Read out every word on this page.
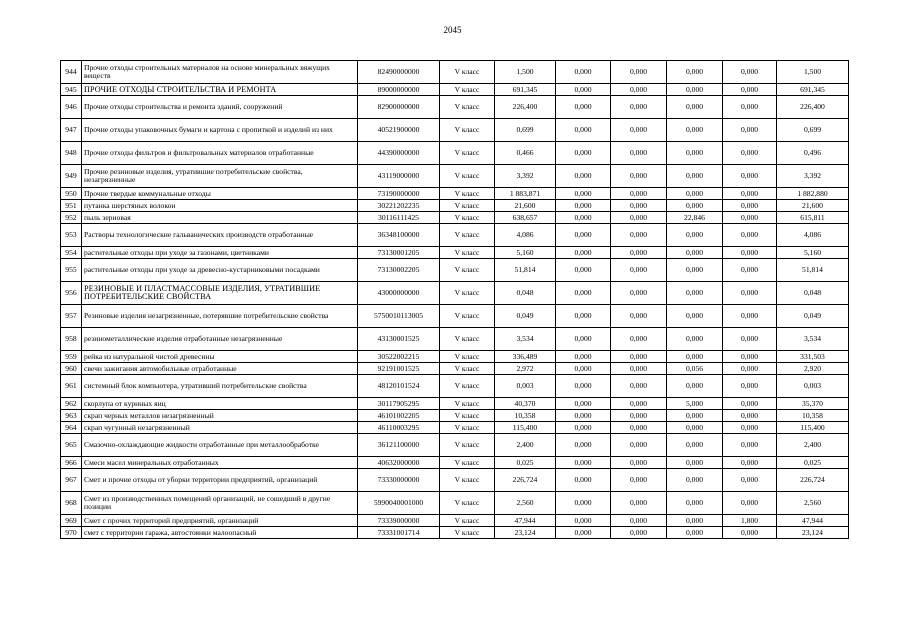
2045
944	Прочие отходы строительных материалов на основе минеральных вяжущих веществ	82490000000	V класс	1,500	0,000	0,000	0,000	0,000	1,500
945	ПРОЧИЕ ОТХОДЫ СТРОИТЕЛЬСТВА И РЕМОНТА	89000000000	V класс	691,345	0,000	0,000	0,000	0,000	691,345
946	Прочие отходы строительства и ремонта зданий, сооружений	82900000000	V класс	226,400	0,000	0,000	0,000	0,000	226,400
947	Прочие отходы упаковочных бумаги и картона с пропиткой и изделий из них	40521900000	V класс	0,699	0,000	0,000	0,000	0,000	0,699
948	Прочие отходы фильтров и фильтровальных материалов отработанные	44390000000	V класс	0,466	0,000	0,000	0,000	0,000	0,496
949	Прочие резиновые изделия, утратившие потребительские свойства, незагрязненные	43119000000	V класс	3,392	0,000	0,000	0,000	0,000	3,392
950	Прочие твердые коммунальные отходы	73190000000	V класс	1 883,871	0,000	0,000	0,000	0,000	1 882,880
951	путанка шерстяных волокон	30221202235	V класс	21,600	0,000	0,000	0,000	0,000	21,600
952	пыль зерновая	30116111425	V класс	638,657	0,000	0,000	22,846	0,000	615,811
953	Растворы технологические гальванических производств отработанные	36348100000	V класс	4,086	0,000	0,000	0,000	0,000	4,086
954	растительные отходы при уходе за газонами, цветниками	73130001205	V класс	5,160	0,000	0,000	0,000	0,000	5,160
955	растительные отходы при уходе за древесно-кустарниковыми посадками	73130002205	V класс	51,814	0,000	0,000	0,000	0,000	51,814
956	РЕЗИНОВЫЕ И ПЛАСТМАССОВЫЕ ИЗДЕЛИЯ, УТРАТИВШИЕ ПОТРЕБИТЕЛЬСКИЕ СВОЙСТВА	43000000000	V класс	0,048	0,000	0,000	0,000	0,000	0,048
957	Резиновые изделия незагрязненные, потерявшие потребительские свойства	5750010113005	V класс	0,049	0,000	0,000	0,000	0,000	0,049
958	резинометаллические изделия отработанные незагрязненные	43130001525	V класс	3,534	0,000	0,000	0,000	0,000	3,534
959	рейка из натуральной чистой древесины	30522002215	V класс	336,489	0,000	0,000	0,000	0,000	331,503
960	свечи зажигания автомобильные отработанные	92191001525	V класс	2,972	0,000	0,000	0,056	0,000	2,920
961	системный блок компьютера, утративший потребительские свойства	48120101524	V класс	0,003	0,000	0,000	0,000	0,000	0,003
962	скорлупа от куриных яиц	30117905295	V класс	40,370	0,000	0,000	5,000	0,000	35,370
963	скрап черных металлов незагрязненный	46101002205	V класс	10,358	0,000	0,000	0,000	0,000	10,358
964	скрап чугунный незагрязненный	46110003295	V класс	115,400	0,000	0,000	0,000	0,000	115,400
965	Смазочно-охлаждающие жидкости отработанные при металлообработке	36121100000	V класс	2,400	0,000	0,000	0,000	0,000	2,400
966	Смеси масел минеральных отработанных	40632000000	V класс	0,025	0,000	0,000	0,000	0,000	0,025
967	Смет и прочие отходы от уборки территории предприятий, организаций	73330000000	V класс	226,724	0,000	0,000	0,000	0,000	226,724
968	Смет из производственных помещений организаций, не сошедший в другие позиции	5990040001000	V класс	2,560	0,000	0,000	0,000	0,000	2,560
969	Смет с прочих территорий предприятий, организаций	73339000000	V класс	47,944	0,000	0,000	0,000	1,800	47,944
970	смет с территории гаража, автостоянки малоопасный	73331001714	V класс	23,124	0,000	0,000	0,000	0,000	23,124
